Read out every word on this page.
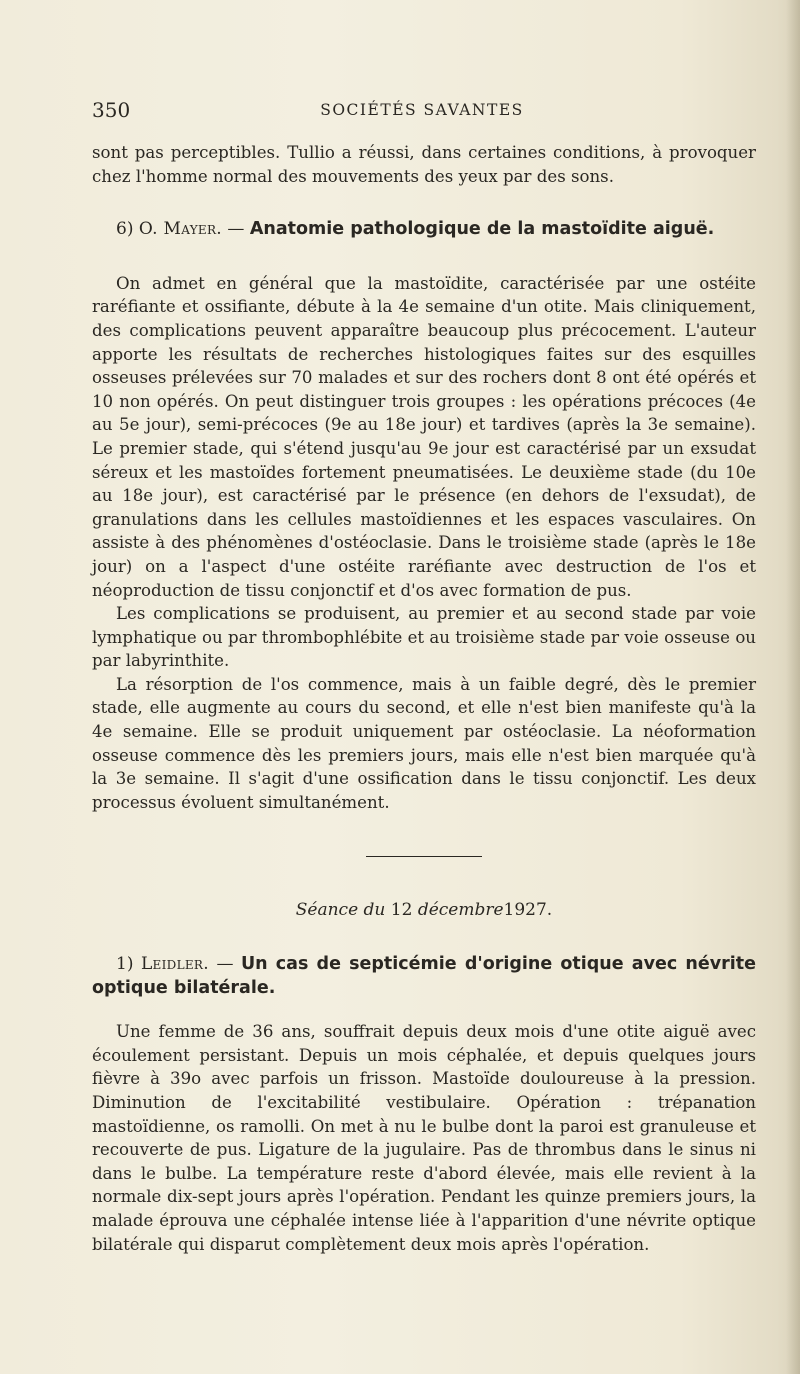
350	SOCIÉTÉS SAVANTES

sont pas perceptibles. Tullio a réussi, dans certaines conditions, à provoquer chez l'homme normal des mouvements des yeux par des sons.

6) O. Mayer. — Anatomie pathologique de la mastoïdite aiguë.

On admet en général que la mastoïdite, caractérisée par une ostéite raréfiante et ossifiante, débute à la 4e semaine d'un otite. Mais cliniquement, des complications peuvent apparaître beaucoup plus précocement. L'auteur apporte les résultats de recherches histologiques faites sur des esquilles osseuses prélevées sur 70 malades et sur des rochers dont 8 ont été opérés et 10 non opérés. On peut distinguer trois groupes : les opérations précoces (4e au 5e jour), semi-précoces (9e au 18e jour) et tardives (après la 3e semaine). Le premier stade, qui s'étend jusqu'au 9e jour est caractérisé par un exsudat séreux et les mastoïdes fortement pneumatisées. Le deuxième stade (du 10e au 18e jour), est caractérisé par le présence (en dehors de l'exsudat), de granulations dans les cellules mastoïdiennes et les espaces vasculaires. On assiste à des phénomènes d'ostéoclasie. Dans le troisième stade (après le 18e jour) on a l'aspect d'une ostéite raréfiante avec destruction de l'os et néoproduction de tissu conjonctif et d'os avec formation de pus.

Les complications se produisent, au premier et au second stade par voie lymphatique ou par thrombophlébite et au troisième stade par voie osseuse ou par labyrinthite.

La résorption de l'os commence, mais à un faible degré, dès le premier stade, elle augmente au cours du second, et elle n'est bien manifeste qu'à la 4e semaine. Elle se produit uniquement par ostéoclasie. La néoformation osseuse commence dès les premiers jours, mais elle n'est bien marquée qu'à la 3e semaine. Il s'agit d'une ossification dans le tissu conjonctif. Les deux processus évoluent simultanément.

Séance du 12 décembre1927.

1) Leidler. — Un cas de septicémie d'origine otique avec névrite optique bilatérale.

Une femme de 36 ans, souffrait depuis deux mois d'une otite aiguë avec écoulement persistant. Depuis un mois céphalée, et depuis quelques jours fièvre à 39o avec parfois un frisson. Mastoïde douloureuse à la pression. Diminution de l'excitabilité vestibulaire. Opération : trépanation mastoïdienne, os ramolli. On met à nu le bulbe dont la paroi est granuleuse et recouverte de pus. Ligature de la jugulaire. Pas de thrombus dans le sinus ni dans le bulbe. La température reste d'abord élevée, mais elle revient à la normale dix-sept jours après l'opération. Pendant les quinze premiers jours, la malade éprouva une céphalée intense liée à l'apparition d'une névrite optique bilatérale qui disparut complètement deux mois après l'opération.
